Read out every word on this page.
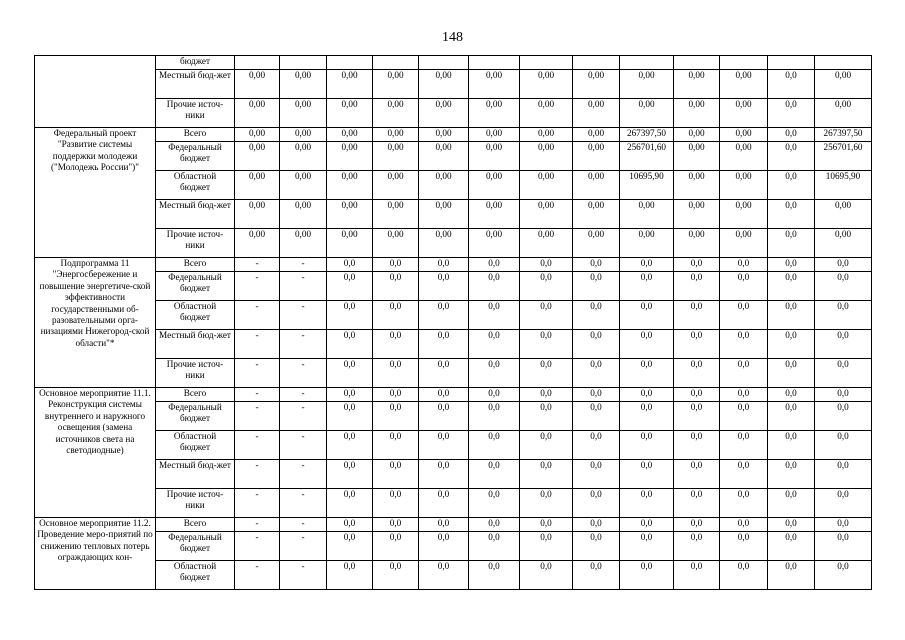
148
	бюджет													
	Местный бюд-жет	0,00	0,00	0,00	0,00	0,00	0,00	0,00	0,00	0,00	0,00	0,00	0,0	0,00
	Прочие источ-ники	0,00	0,00	0,00	0,00	0,00	0,00	0,00	0,00	0,00	0,00	0,00	0,0	0,00
Федеральный проект "Развитие системы поддержки молодежи ("Молодежь России")"	Всего	0,00	0,00	0,00	0,00	0,00	0,00	0,00	0,00	267397,50	0,00	0,00	0,0	267397,50
	Федеральный бюджет	0,00	0,00	0,00	0,00	0,00	0,00	0,00	0,00	256701,60	0,00	0,00	0,0	256701,60
	Областной бюджет	0,00	0,00	0,00	0,00	0,00	0,00	0,00	0,00	10695,90	0,00	0,00	0,0	10695,90
	Местный бюд-жет	0,00	0,00	0,00	0,00	0,00	0,00	0,00	0,00	0,00	0,00	0,00	0,0	0,00
	Прочие источ-ники	0,00	0,00	0,00	0,00	0,00	0,00	0,00	0,00	0,00	0,00	0,00	0,0	0,00
Подпрограмма 11 "Энергосбережение и повышение энергетиче-ской эффективности государственными об-разовательными орга-низациями Нижегород-ской области"*	Всего	-	-	0,0	0,0	0,0	0,0	0,0	0,0	0,0	0,0	0,0	0,0	0,0
	Федеральный бюджет	-	-	0,0	0,0	0,0	0,0	0,0	0,0	0,0	0,0	0,0	0,0	0,0
	Областной бюджет	-	-	0,0	0,0	0,0	0,0	0,0	0,0	0,0	0,0	0,0	0,0	0,0
	Местный бюд-жет	-	-	0,0	0,0	0,0	0,0	0,0	0,0	0,0	0,0	0,0	0,0	0,0
	Прочие источ-ники	-	-	0,0	0,0	0,0	0,0	0,0	0,0	0,0	0,0	0,0	0,0	0,0
Основное мероприятие 11.1. Реконструкция системы внутреннего и наружного освещения (замена источников света на светодиодные)	Всего	-	-	0,0	0,0	0,0	0,0	0,0	0,0	0,0	0,0	0,0	0,0	0,0
	Федеральный бюджет	-	-	0,0	0,0	0,0	0,0	0,0	0,0	0,0	0,0	0,0	0,0	0,0
	Областной бюджет	-	-	0,0	0,0	0,0	0,0	0,0	0,0	0,0	0,0	0,0	0,0	0,0
	Местный бюд-жет	-	-	0,0	0,0	0,0	0,0	0,0	0,0	0,0	0,0	0,0	0,0	0,0
	Прочие источ-ники	-	-	0,0	0,0	0,0	0,0	0,0	0,0	0,0	0,0	0,0	0,0	0,0
Основное мероприятие 11.2. Проведение меро-приятий по снижению тепловых потерь ограждающих кон-	Всего	-	-	0,0	0,0	0,0	0,0	0,0	0,0	0,0	0,0	0,0	0,0	0,0
	Федеральный бюджет	-	-	0,0	0,0	0,0	0,0	0,0	0,0	0,0	0,0	0,0	0,0	0,0
	Областной бюджет	-	-	0,0	0,0	0,0	0,0	0,0	0,0	0,0	0,0	0,0	0,0	0,0
